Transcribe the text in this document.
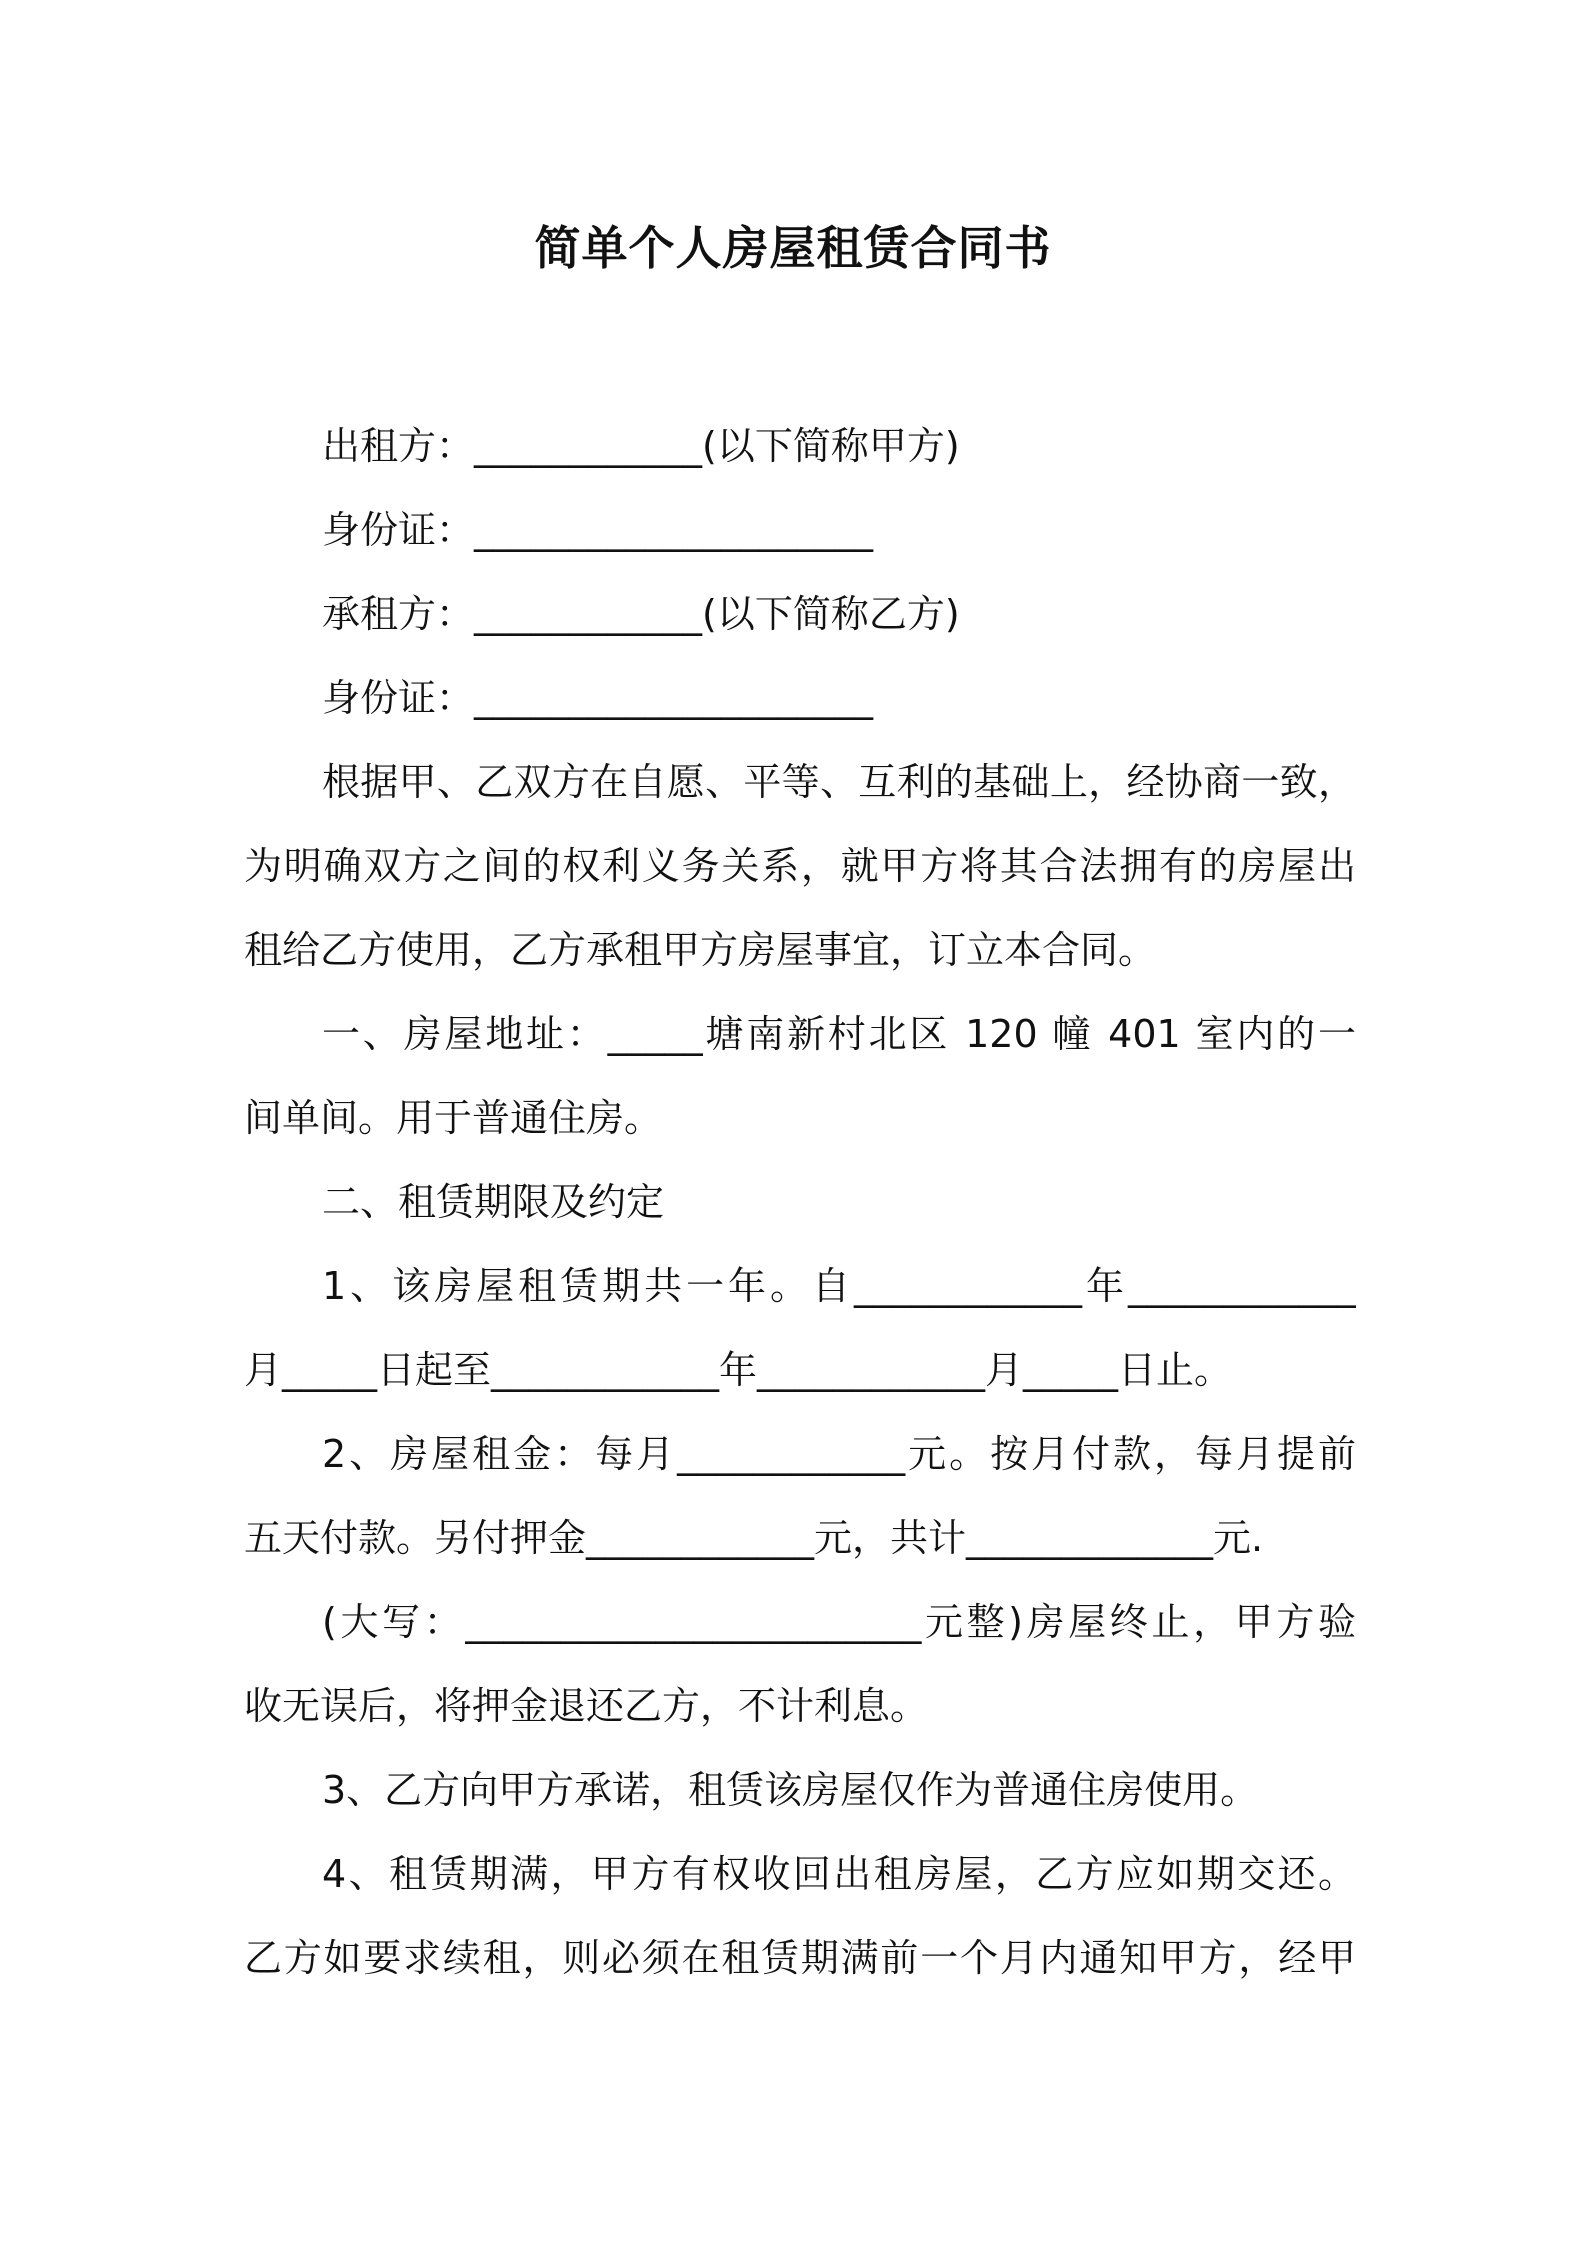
简单个人房屋租赁合同书
出租方：____________(以下简称甲方)
身份证：_____________________
承租方：____________(以下简称乙方)
身份证：_____________________
根据甲、乙双方在自愿、平等、互利的基础上，经协商一致，
为明确双方之间的权利义务关系，就甲方将其合法拥有的房屋出
租给乙方使用，乙方承租甲方房屋事宜，订立本合同。
一、房屋地址：_____塘南新村北区 120 幢 401 室内的一
间单间。用于普通住房。
二、租赁期限及约定
1、该房屋租赁期共一年。自____________年____________
月_____日起至____________年____________月_____日止。
2、房屋租金：每月____________元。按月付款，每月提前
五天付款。另付押金____________元，共计_____________元.
(大写：________________________元整)房屋终止，甲方验
收无误后，将押金退还乙方，不计利息。
3、乙方向甲方承诺，租赁该房屋仅作为普通住房使用。
4、租赁期满，甲方有权收回出租房屋，乙方应如期交还。
乙方如要求续租，则必须在租赁期满前一个月内通知甲方，经甲
